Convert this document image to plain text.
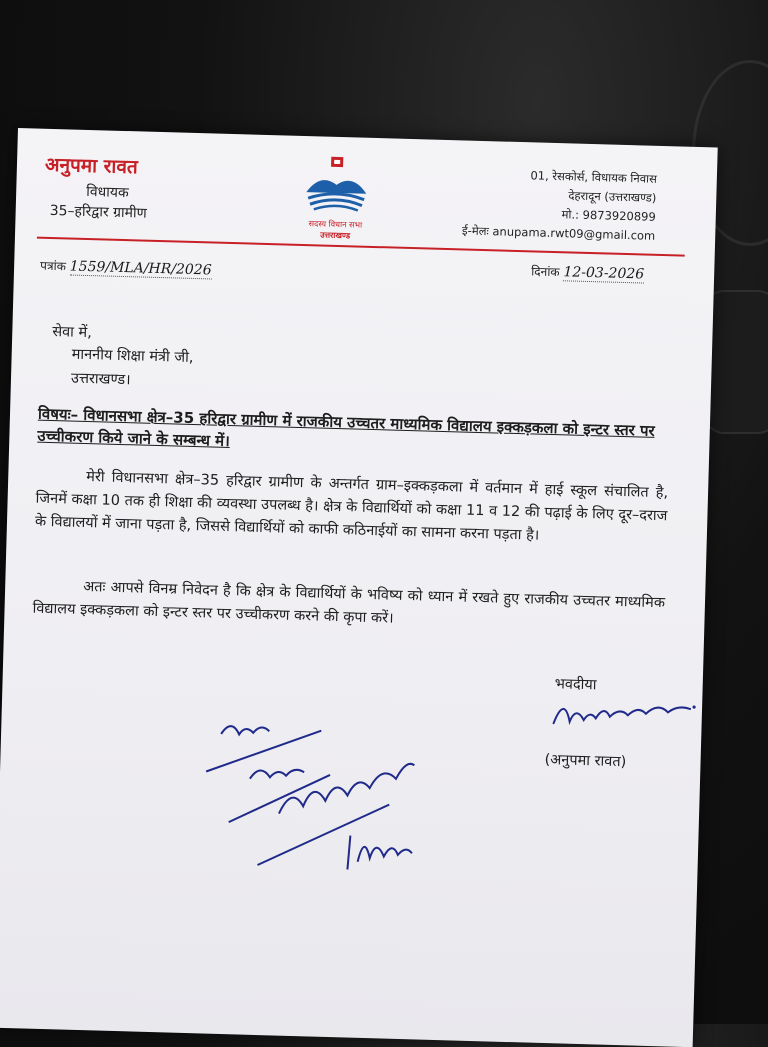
अनुपमा रावत
विधायक
35–हरिद्वार ग्रामीण
सदस्य विधान सभा
उत्तराखण्ड
01, रेसकोर्स, विधायक निवास
देहरादून (उत्तराखण्ड)
मो.: 9873920899
ई-मेलः anupama.rwt09@gmail.com
पत्रांक 1559/MLA/HR/2026	दिनांक 12-03-2026
सेवा में,
माननीय शिक्षा मंत्री जी,
उत्तराखण्ड।
विषयः– विधानसभा क्षेत्र–35 हरिद्वार ग्रामीण में राजकीय उच्चतर माध्यमिक विद्यालय इक्कड़कला को इन्टर स्तर पर उच्चीकरण किये जाने के सम्बन्ध में।
मेरी विधानसभा क्षेत्र–35 हरिद्वार ग्रामीण के अन्तर्गत ग्राम–इक्कड़कला में वर्तमान में हाई स्कूल संचालित है, जिनमें कक्षा 10 तक ही शिक्षा की व्यवस्था उपलब्ध है। क्षेत्र के विद्यार्थियों को कक्षा 11 व 12 की पढ़ाई के लिए दूर–दराज के विद्यालयों में जाना पड़ता है, जिससे विद्यार्थियों को काफी कठिनाईयों का सामना करना पड़ता है।
अतः आपसे विनम्र निवेदन है कि क्षेत्र के विद्यार्थियों के भविष्य को ध्यान में रखते हुए राजकीय उच्चतर माध्यमिक विद्यालय इक्कड़कला को इन्टर स्तर पर उच्चीकरण करने की कृपा करें।
भवदीया
(अनुपमा रावत)
